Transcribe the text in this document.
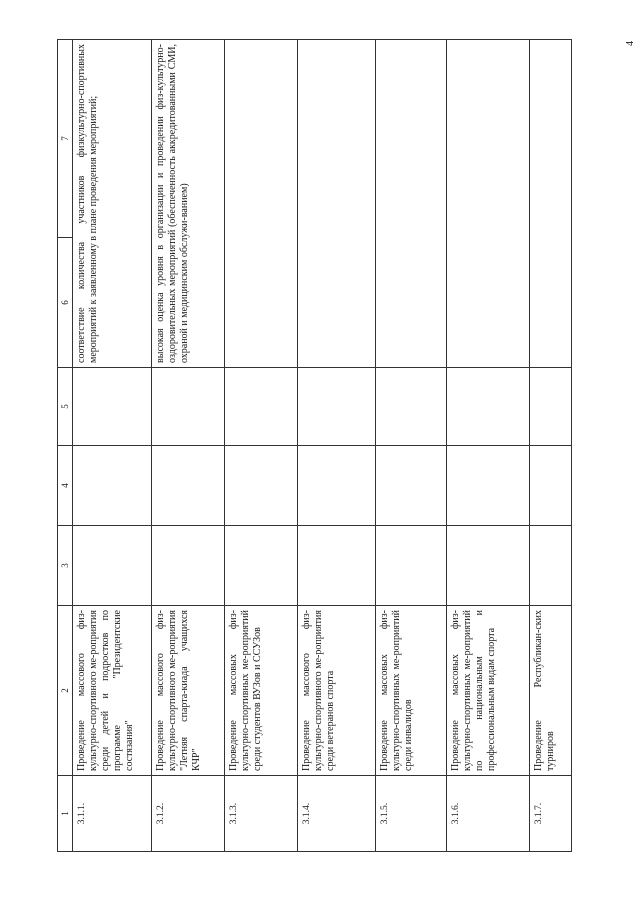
4
1	2	3	4	5	6	7
3.1.1.	Проведение массового физ-культурно-спортивного ме-роприятия среди детей и подростков по программе "Президентские состязания"				соответствие количества участников физкультурно-спортивных мероприятий к заявленному в плане проведения мероприятий;	
3.1.2.	Проведение массового физ-культурно-спортивного ме-роприятия "Летняя спарта-киада учащихся КЧР"				высокая оценка уровня в организации и проведении физ-культурно-оздоровительных мероприятий (обеспеченность аккредитованными СМИ, охраной и медицинским обслужи-ванием)	
3.1.3.	Проведение массовых физ-культурно-спортивных ме-роприятий среди студентов ВУЗов и ССУЗов					
3.1.4.	Проведение массового физ-культурно-спортивного ме-роприятия среди ветеранов спорта					
3.1.5.	Проведение массовых физ-культурно-спортивных ме-роприятий среди инвалидов					
3.1.6.	Проведение массовых физ-культурно-спортивных ме-роприятий по национальным и профессиональным видам спорта					
3.1.7.	Проведение Республикан-ских турниров					
